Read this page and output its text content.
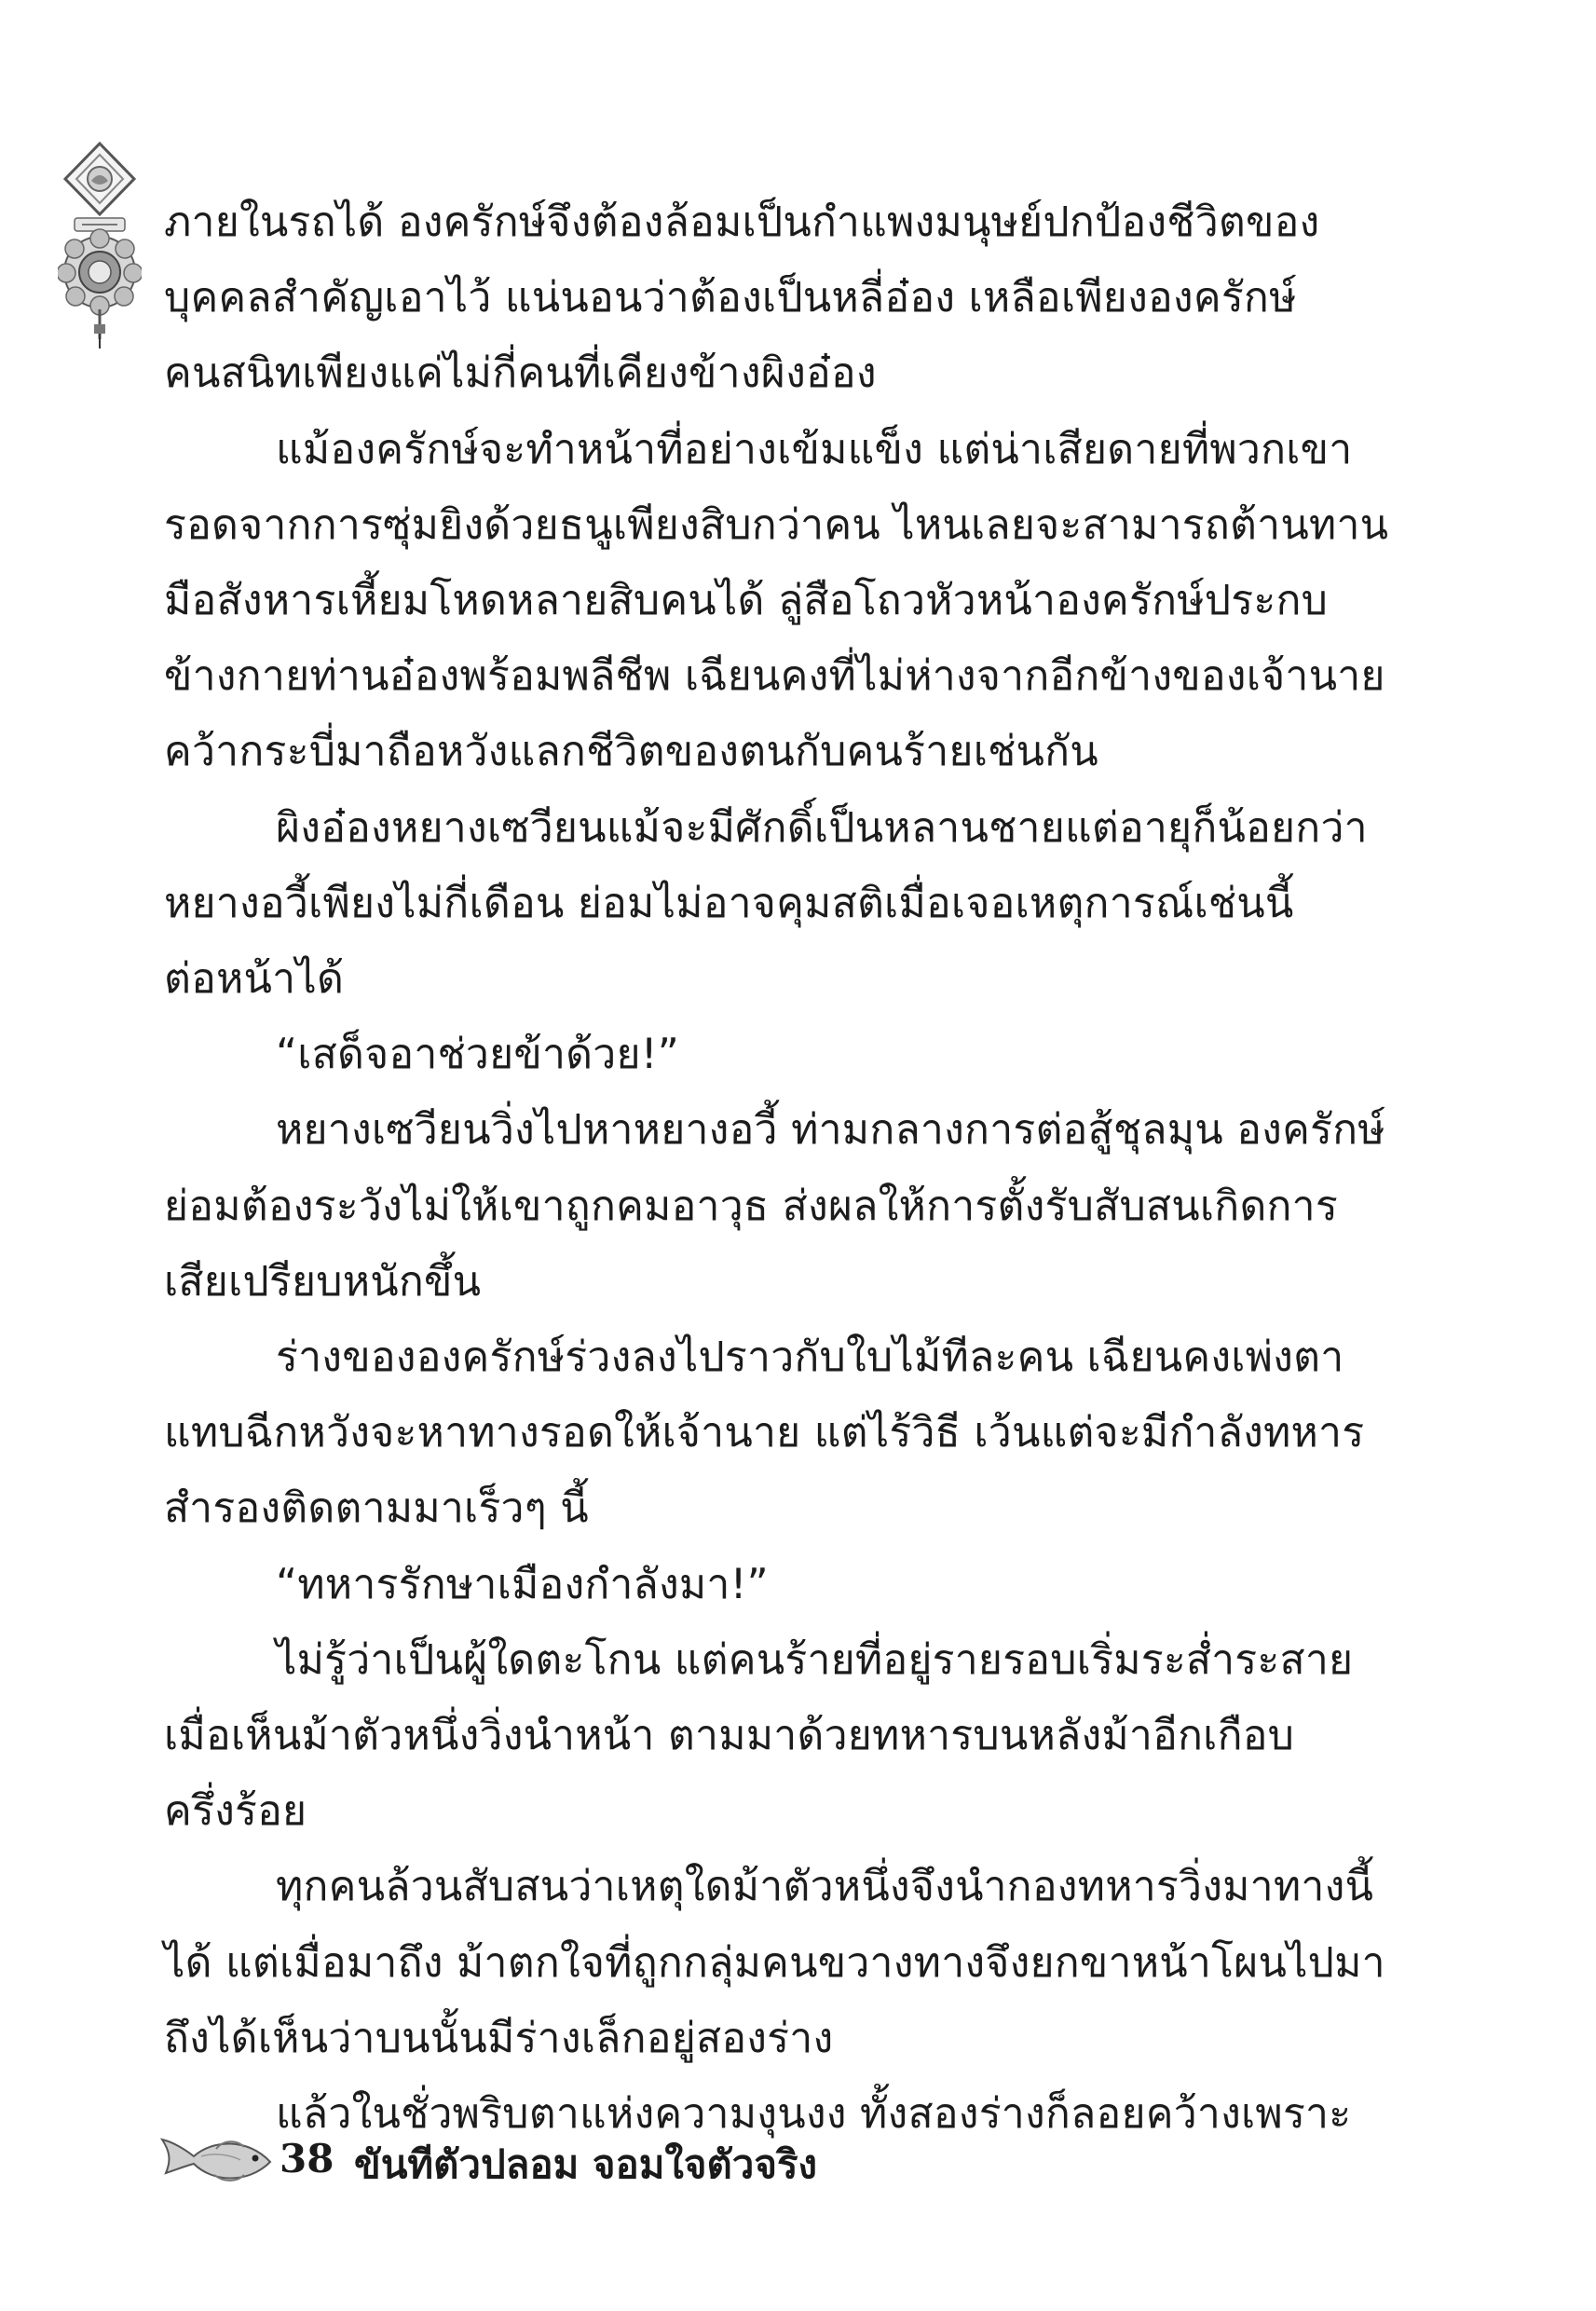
ภายในรถได้ องครักษ์จึงต้องล้อมเป็นกำแพงมนุษย์ปกป้องชีวิตของ
บุคคลสำคัญเอาไว้ แน่นอนว่าต้องเป็นหลี่อ๋อง เหลือเพียงองครักษ์
คนสนิทเพียงแค่ไม่กี่คนที่เคียงข้างผิงอ๋อง
แม้องครักษ์จะทำหน้าที่อย่างเข้มแข็ง แต่น่าเสียดายที่พวกเขา
รอดจากการซุ่มยิงด้วยธนูเพียงสิบกว่าคน ไหนเลยจะสามารถต้านทาน
มือสังหารเหี้ยมโหดหลายสิบคนได้ ลู่สือโถวหัวหน้าองครักษ์ประกบ
ข้างกายท่านอ๋องพร้อมพลีชีพ เฉียนคงที่ไม่ห่างจากอีกข้างของเจ้านาย
คว้ากระบี่มาถือหวังแลกชีวิตของตนกับคนร้ายเช่นกัน
ผิงอ๋องหยางเซวียนแม้จะมีศักดิ์เป็นหลานชายแต่อายุก็น้อยกว่า
หยางอวี้เพียงไม่กี่เดือน ย่อมไม่อาจคุมสติเมื่อเจอเหตุการณ์เช่นนี้
ต่อหน้าได้
“เสด็จอาช่วยข้าด้วย!”
หยางเซวียนวิ่งไปหาหยางอวี้ ท่ามกลางการต่อสู้ชุลมุน องครักษ์
ย่อมต้องระวังไม่ให้เขาถูกคมอาวุธ ส่งผลให้การตั้งรับสับสนเกิดการ
เสียเปรียบหนักขึ้น
ร่างขององครักษ์ร่วงลงไปราวกับใบไม้ทีละคน เฉียนคงเพ่งตา
แทบฉีกหวังจะหาทางรอดให้เจ้านาย แต่ไร้วิธี เว้นแต่จะมีกำลังทหาร
สำรองติดตามมาเร็วๆ นี้
“ทหารรักษาเมืองกำลังมา!”
ไม่รู้ว่าเป็นผู้ใดตะโกน แต่คนร้ายที่อยู่รายรอบเริ่มระส่ำระสาย
เมื่อเห็นม้าตัวหนึ่งวิ่งนำหน้า ตามมาด้วยทหารบนหลังม้าอีกเกือบ
ครึ่งร้อย
ทุกคนล้วนสับสนว่าเหตุใดม้าตัวหนึ่งจึงนำกองทหารวิ่งมาทางนี้
ได้ แต่เมื่อมาถึง ม้าตกใจที่ถูกกลุ่มคนขวางทางจึงยกขาหน้าโผนไปมา
ถึงได้เห็นว่าบนนั้นมีร่างเล็กอยู่สองร่าง
แล้วในชั่วพริบตาแห่งความงุนงง ทั้งสองร่างก็ลอยคว้างเพราะ
38 ขันทีตัวปลอม จอมใจตัวจริง
